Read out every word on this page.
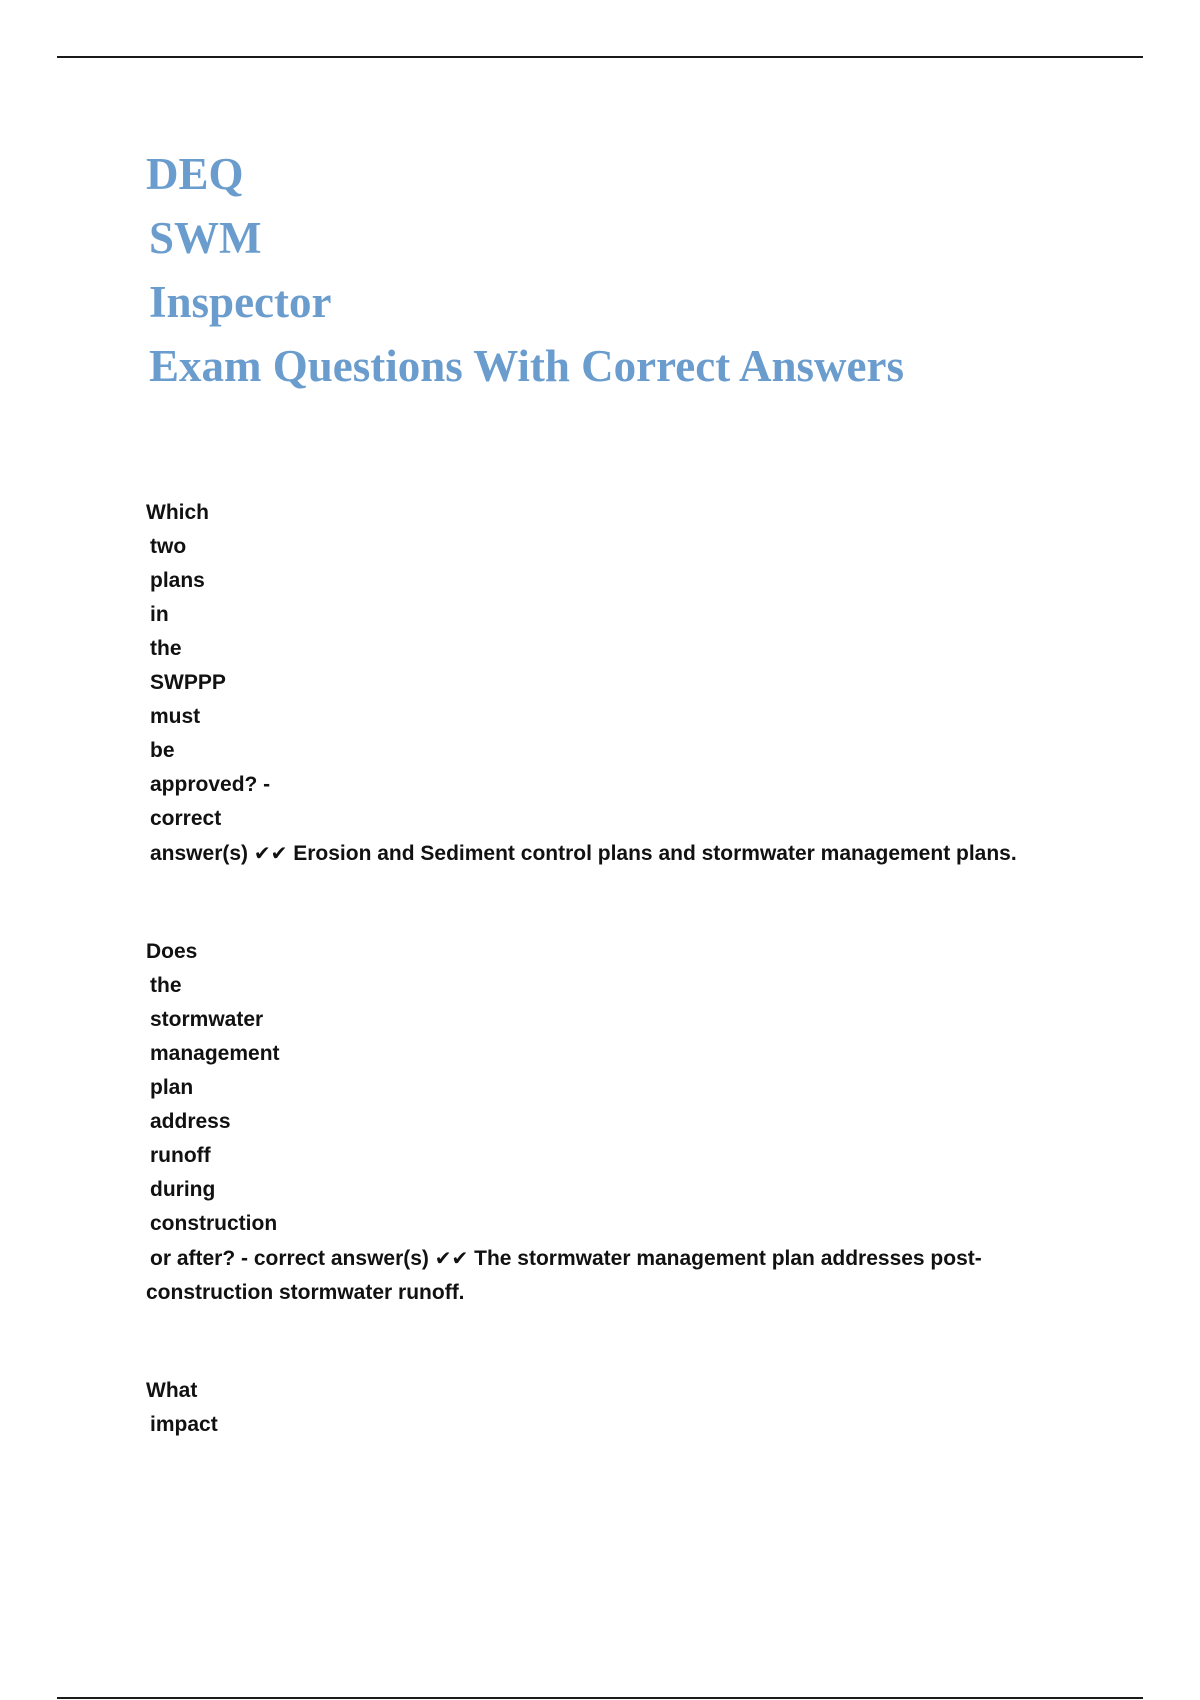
DEQ
SWM
Inspector
Exam Questions With Correct Answers
Which
two
plans
in
the
SWPPP
must
be
approved? -
correct
answer(s) ✔✔ Erosion and Sediment control plans and stormwater management plans.
Does
the
stormwater
management
plan
address
runoff
during
construction
or after? - correct answer(s) ✔✔ The stormwater management plan addresses post-
construction stormwater runoff.
What
impact
